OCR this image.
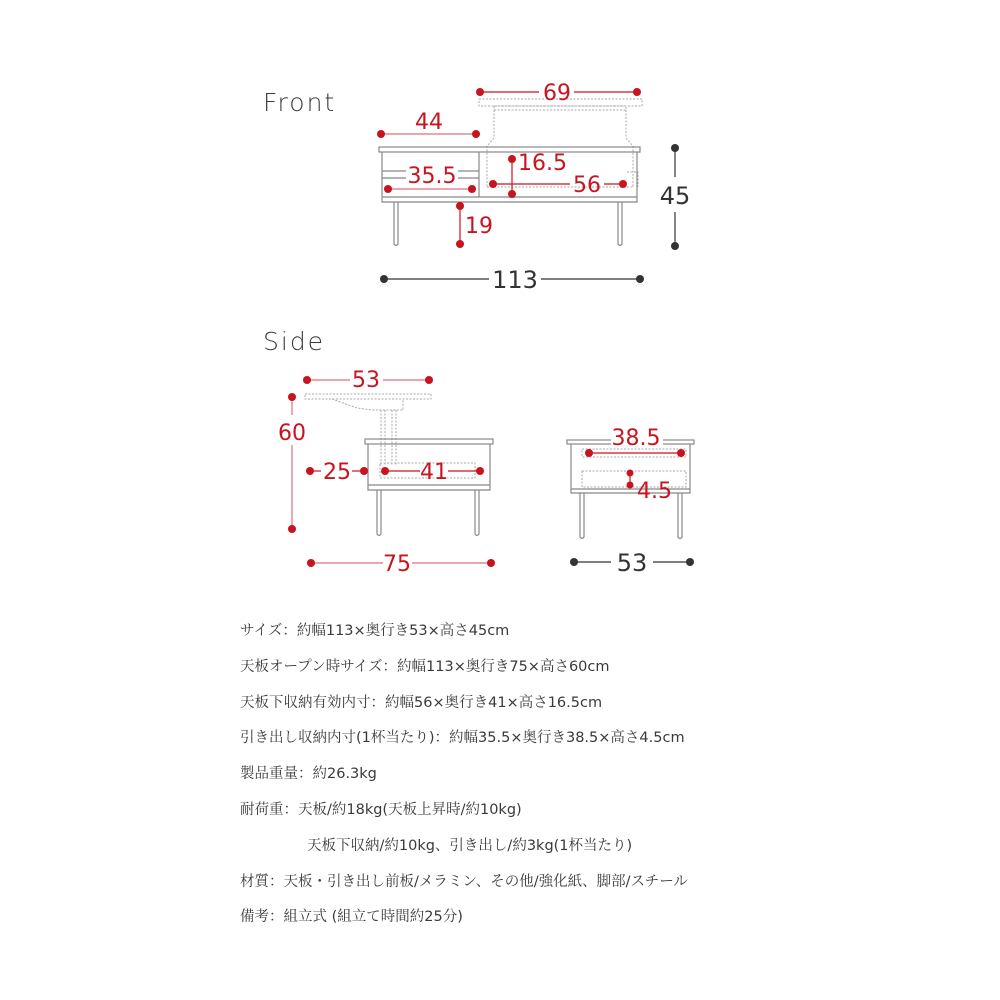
Front
Side
69
44
35.5
16.5
56
19
45
113
53
60
25	41
75
38.5
4.5
53
サイズ：約幅113×奥行き53×高さ45cm
天板オープン時サイズ：約幅113×奥行き75×高さ60cm
天板下収納有効内寸：約幅56×奥行き41×高さ16.5cm
引き出し収納内寸(1杯当たり)：約幅35.5×奥行き38.5×高さ4.5cm
製品重量：約26.3kg
耐荷重：天板/約18kg(天板上昇時/約10kg)
天板下収納/約10kg、引き出し/約3kg(1杯当たり)
材質：天板・引き出し前板/メラミン、その他/強化紙、脚部/スチール
備考：組立式 (組立て時間約25分)
